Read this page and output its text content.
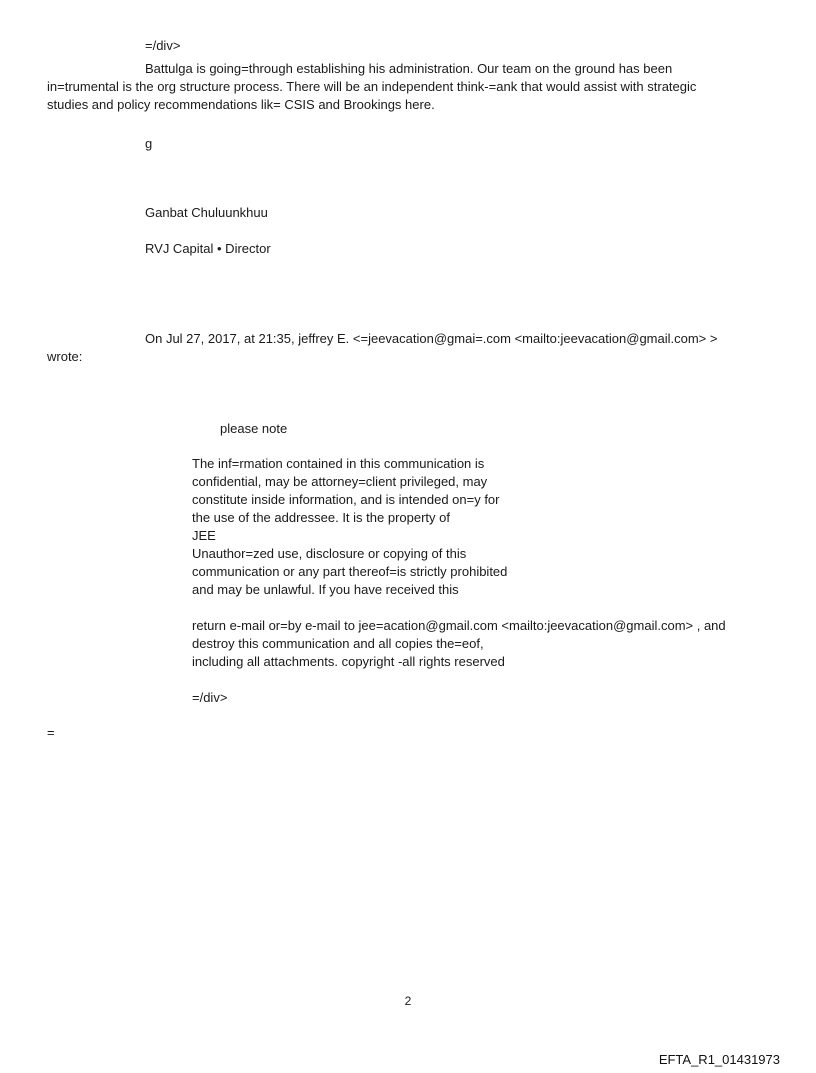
=/div>
Battulga is going=through establishing his administration. Our team on the ground has been
in=trumental is the org structure process. There will be an independent think-=ank that would assist with strategic
studies and policy recommendations lik= CSIS and Brookings here.
g
Ganbat Chuluunkhuu
RVJ Capital • Director
On Jul 27, 2017, at 21:35, jeffrey E. <=jeevacation@gmai=.com <mailto:jeevacation@gmail.com> >
wrote:
please note
The inf=rmation contained in this communication is
confidential, may be attorney=client privileged, may
constitute inside information, and is intended on=y for
the use of the addressee. It is the property of
JEE
Unauthor=zed use, disclosure or copying of this
communication or any part thereof=is strictly prohibited
and may be unlawful. If you have received this
return e-mail or=by e-mail to jee=acation@gmail.com <mailto:jeevacation@gmail.com> , and
destroy this communication and all copies the=eof,
including all attachments. copyright -all rights reserved
=/div>
=
2
EFTA_R1_01431973
